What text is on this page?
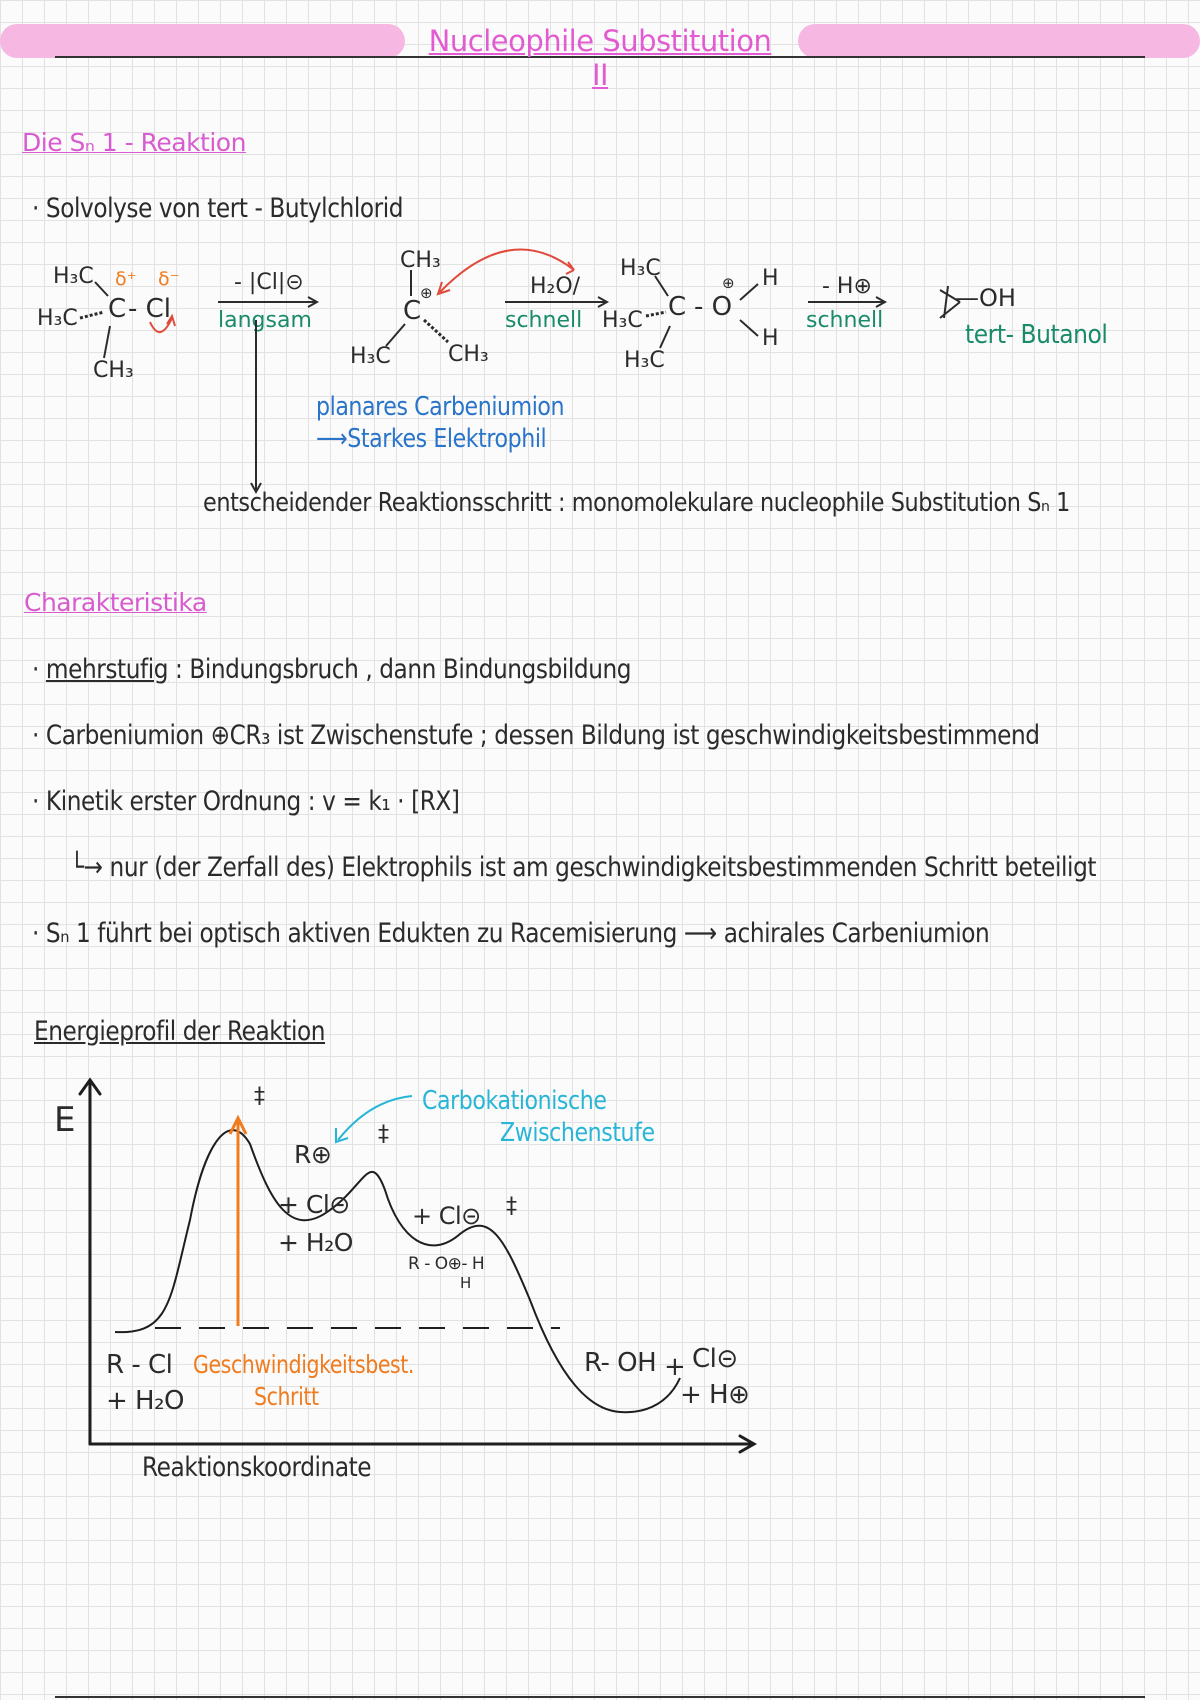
Nucleophile Substitution II
Die Sₙ 1 - Reaktion
· Solvolyse von tert - Butylchlorid
H₃C
H₃C C - Cl
CH₃
δ⁺ δ⁻ - |Cl|⊝
langsam
CH₃
C
⊕
H₃C	CH₃
planares Carbeniumion
⟶Starkes Elektrophil
H₂O/
schnell
H₃C
H₃C
H₃C
C - O
⊕ H
H
- H⊕
schnell
—OH
tert- Butanol
entscheidender Reaktionsschritt : monomolekulare nucleophile Substitution Sₙ 1
Charakteristika
· mehrstufig : Bindungsbruch , dann Bindungsbildung
· Carbeniumion ⊕CR₃ ist Zwischenstufe ; dessen Bildung ist geschwindigkeitsbestimmend
· Kinetik erster Ordnung : v = k₁ · [RX]
└→ nur (der Zerfall des) Elektrophils ist am geschwindigkeitsbestimmenden Schritt beteiligt
· Sₙ 1 führt bei optisch aktiven Edukten zu Racemisierung ⟶ achirales Carbeniumion
Energieprofil der Reaktion
E
‡
‡
‡
R⊕
+ Cl⊝
+ H₂O
Carbokationische
Zwischenstufe
+ Cl⊝
R - O⊕- H
H
R - Cl
+ H₂O
Geschwindigkeitsbest.
Schritt
R- OH + Cl⊝
+ H⊕
Reaktionskoordinate
